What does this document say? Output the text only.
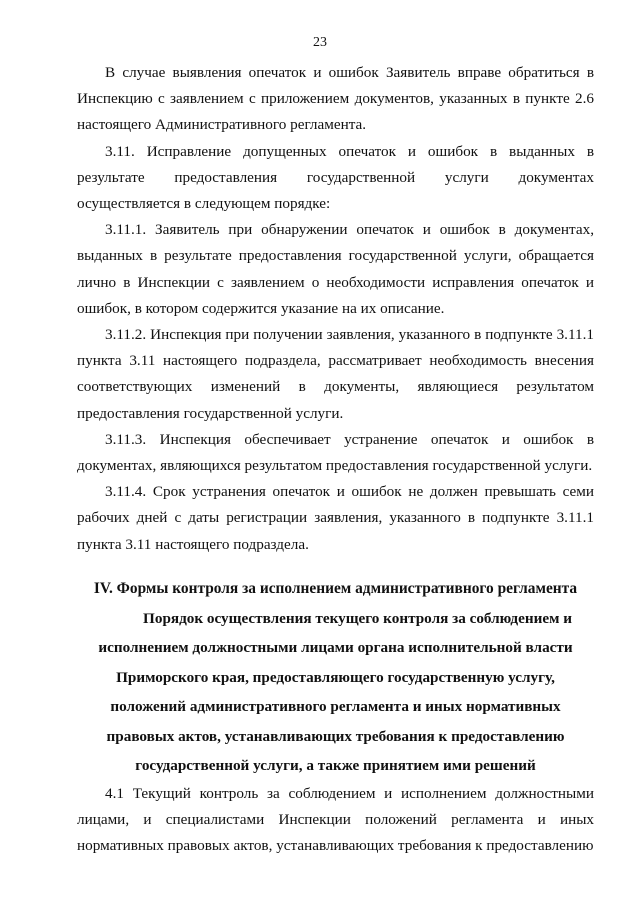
23

В случае выявления опечаток и ошибок Заявитель вправе обратиться в Инспекцию с заявлением с приложением документов, указанных в пункте 2.6 настоящего Административного регламента.

3.11. Исправление допущенных опечаток и ошибок в выданных в результате предоставления государственной услуги документах осуществляется в следующем порядке:

3.11.1. Заявитель при обнаружении опечаток и ошибок в документах, выданных в результате предоставления государственной услуги, обращается лично в Инспекции с заявлением о необходимости исправления опечаток и ошибок, в котором содержится указание на их описание.

3.11.2. Инспекция при получении заявления, указанного в подпункте 3.11.1 пункта 3.11 настоящего подраздела, рассматривает необходимость внесения соответствующих изменений в документы, являющиеся результатом предоставления государственной услуги.

3.11.3. Инспекция обеспечивает устранение опечаток и ошибок в документах, являющихся результатом предоставления государственной услуги.

3.11.4. Срок устранения опечаток и ошибок не должен превышать семи рабочих дней с даты регистрации заявления, указанного в подпункте 3.11.1 пункта 3.11 настоящего подраздела.

IV. Формы контроля за исполнением административного регламента

Порядок осуществления текущего контроля за соблюдением и исполнением должностными лицами органа исполнительной власти Приморского края, предоставляющего государственную услугу, положений административного регламента и иных нормативных правовых актов, устанавливающих требования к предоставлению государственной услуги, а также принятием ими решений

4.1 Текущий контроль за соблюдением и исполнением должностными лицами, и специалистами Инспекции положений регламента и иных нормативных правовых актов, устанавливающих требования к предоставлению
